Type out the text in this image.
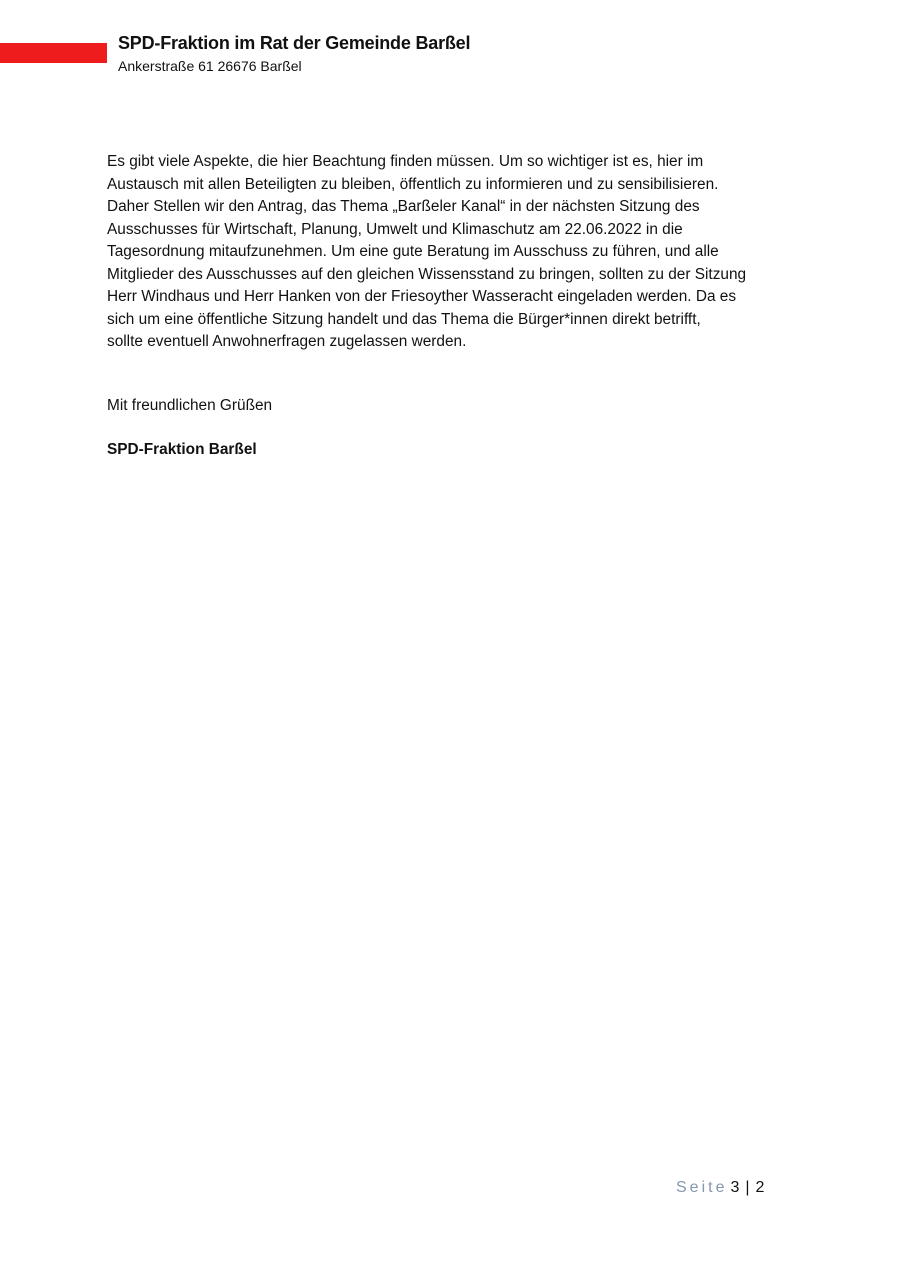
SPD-Fraktion im Rat der Gemeinde Barßel
Ankerstraße 61 26676 Barßel
Es gibt viele Aspekte, die hier Beachtung finden müssen. Um so wichtiger ist es, hier im
Austausch mit allen Beteiligten zu bleiben, öffentlich zu informieren und zu sensibilisieren.
Daher Stellen wir den Antrag, das Thema „Barßeler Kanal“ in der nächsten Sitzung des
Ausschusses für Wirtschaft, Planung, Umwelt und Klimaschutz am 22.06.2022 in die
Tagesordnung mitaufzunehmen. Um eine gute Beratung im Ausschuss zu führen, und alle
Mitglieder des Ausschusses auf den gleichen Wissensstand zu bringen, sollten zu der Sitzung
Herr Windhaus und Herr Hanken von der Friesoyther Wasseracht eingeladen werden. Da es
sich um eine öffentliche Sitzung handelt und das Thema die Bürger*innen direkt betrifft,
sollte eventuell Anwohnerfragen zugelassen werden.
Mit freundlichen Grüßen
SPD-Fraktion Barßel
Seite 3 | 2
